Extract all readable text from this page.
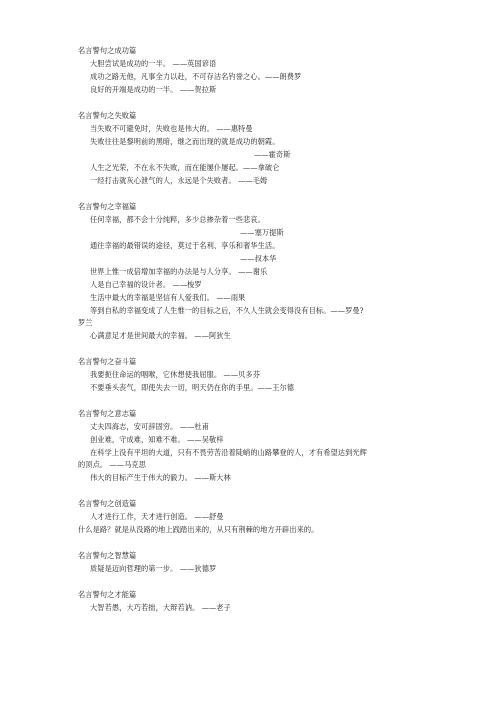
名言警句之成功篇
大胆尝试是成功的一半。 ——英国谚语
成功之路无他，凡事全力以赴，不可存沽名钓誉之心。——朗费罗
良好的开端是成功的一半。 ——贺拉斯
名言警句之失败篇
当失败不可避免时，失败也是伟大的。 ——惠特曼
失败往往是黎明前的黑暗，继之而出现的就是成功的朝霞。
——霍奇斯
人生之光荣，不在永不失败，而在能屡仆屡起。——拿破仑
一经打击就灰心泄气的人，永远是个失败者。 ——毛姆
名言警句之幸福篇
任何幸福，都不会十分纯粹，多少总掺杂着一些悲哀。
——塞万提斯
通往幸福的最错误的途径，莫过于名利、享乐和奢华生活。
——叔本华
世界上惟一成倍增加幸福的办法是与人分享。 ——谢乐
人是自己幸福的设计者。 ——梭罗
生活中最大的幸福是坚信有人爱我们。 ——雨果
等到自私的幸福变成了人生惟一的目标之后，不久人生就会变得没有目标。——罗曼?
罗兰
心满意足才是世间最大的幸福。 ——阿狄生
名言警句之奋斗篇
我要扼住命运的咽喉，它休想使我屈服。 ——贝多芬
不要垂头丧气，即使失去一切，明天仍在你的手里。——王尔德
名言警句之意志篇
丈夫四海志，安可辞固穷。 ——杜甫
创业难，守成难，知难不难。 ——吴敬梓
在科学上没有平坦的大道，只有不畏劳苦沿着陡峭的山路攀登的人，才有希望达到光辉
的顶点。 ——马克思
伟大的目标产生于伟大的毅力。 ——斯大林
名言警句之创造篇
人才进行工作，天才进行创造。 ——舒曼
什么是路？就是从没路的地上践踏出来的，从只有荆棘的地方开辟出来的。
名言警句之智慧篇
质疑是迈向哲理的第一步。 ——狄德罗
名言警句之才能篇
大智若愚，大巧若拙，大辩若讷。 ——老子
